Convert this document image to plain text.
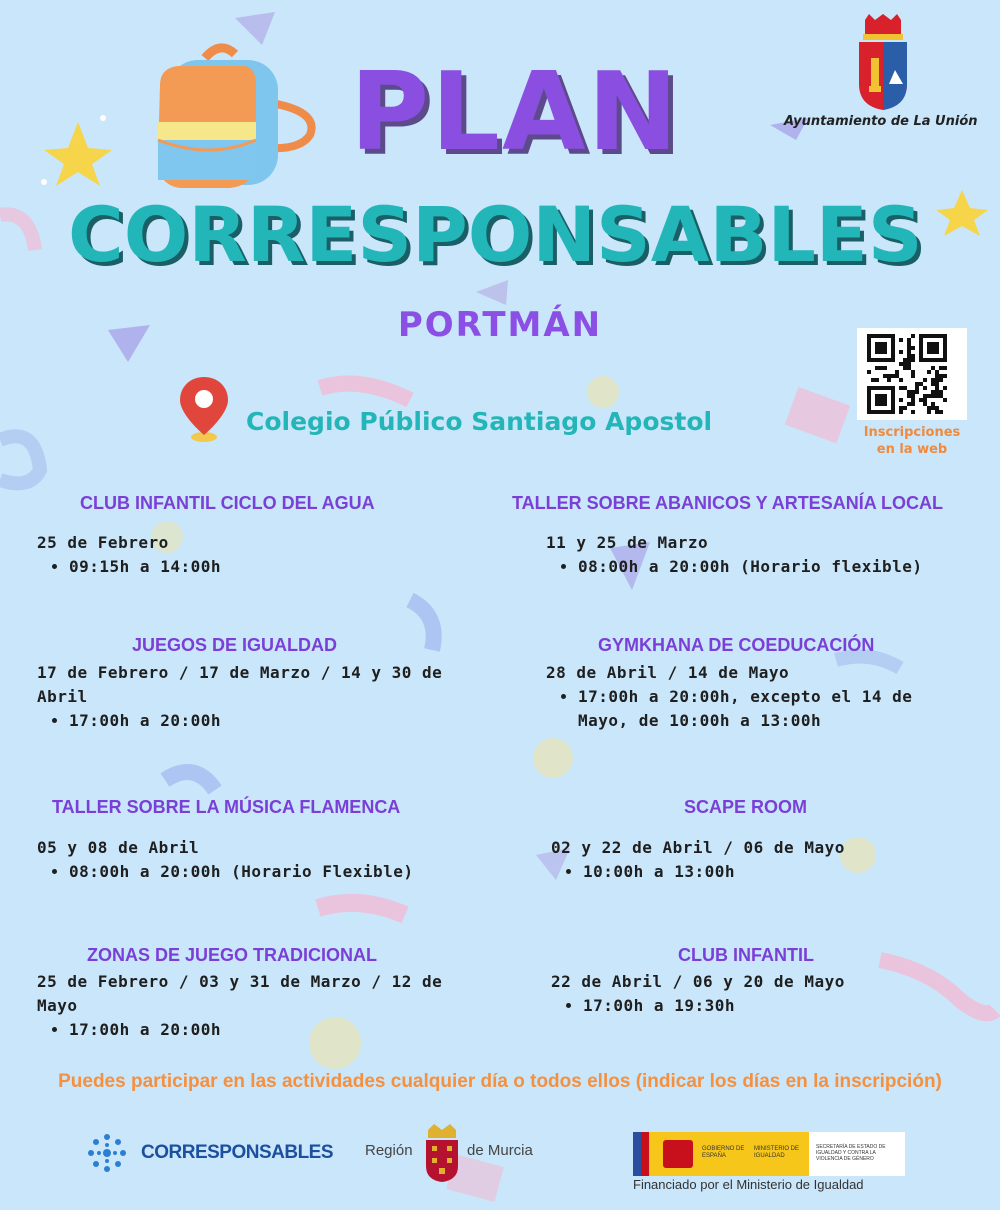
PLAN
CORRESPONSABLES
PORTMÁN
Ayuntamiento de La Unión
Inscripciones
en la web
Colegio Público Santiago Apostol
CLUB INFANTIL CICLO DEL AGUA
25 de Febrero
• 09:15h a 14:00h
TALLER SOBRE ABANICOS Y ARTESANÍA LOCAL
11 y 25 de Marzo
• 08:00h a 20:00h (Horario flexible)
JUEGOS DE IGUALDAD
17 de Febrero / 17 de Marzo / 14 y 30 de
Abril
• 17:00h a 20:00h
GYMKHANA DE COEDUCACIÓN
28 de Abril / 14 de Mayo
• 17:00h a 20:00h, excepto el 14 de
Mayo, de 10:00h a 13:00h
TALLER SOBRE LA MÚSICA FLAMENCA
05 y 08 de Abril
• 08:00h a 20:00h (Horario Flexible)
SCAPE ROOM
02 y 22 de Abril / 06 de Mayo
• 10:00h a 13:00h
ZONAS DE JUEGO TRADICIONAL
25 de Febrero / 03 y 31 de Marzo / 12 de
Mayo
• 17:00h a 20:00h
CLUB INFANTIL
22 de Abril / 06 y 20 de Mayo
• 17:00h a 19:30h
Puedes participar en las actividades cualquier día o todos ellos (indicar los días en la inscripción)
CORRESPONSABLES Región	de Murcia	GOBIERNO DE ESPAÑA
MINISTERIO DE IGUALDAD
SECRETARÍA DE ESTADO DE IGUALDAD Y CONTRA LA VIOLENCIA DE GÉNERO
Financiado por el Ministerio de Igualdad
